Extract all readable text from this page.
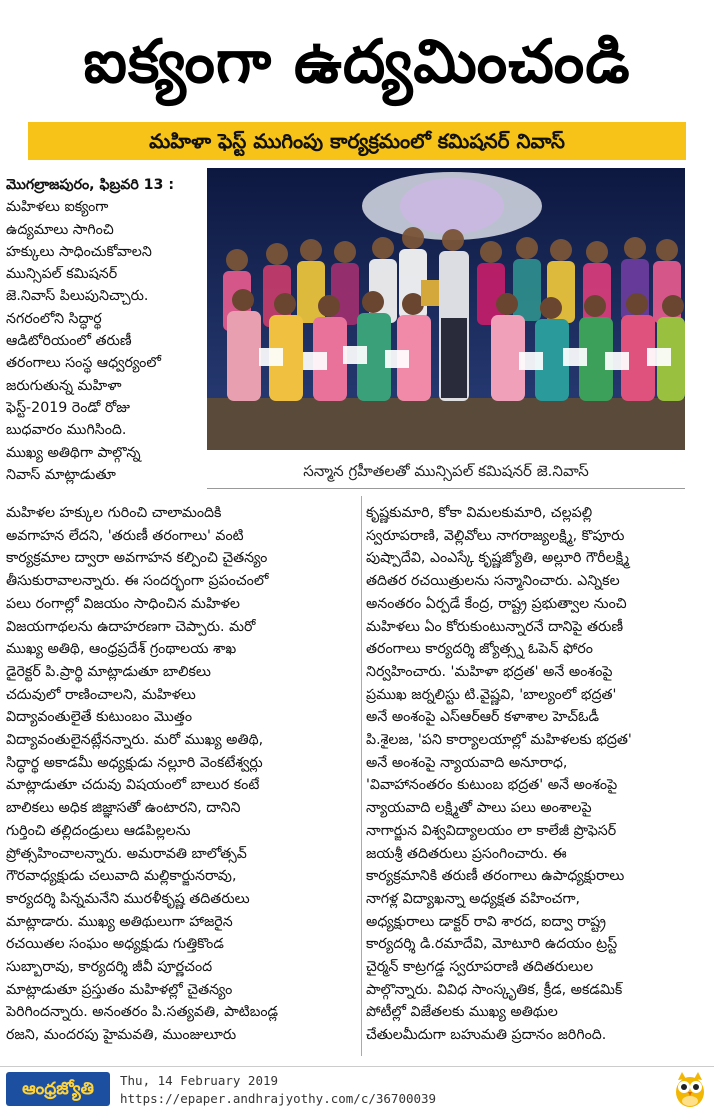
ఐక్యంగా ఉద్యమించండి
మహిళా ఫెస్ట్ ముగింపు కార్యక్రమంలో కమిషనర్ నివాస్
మొగల్రాజపురం, ఫిబ్రవరి 13 : మహిళలు ఐక్యంగా
ఉద్యమాలు సాగించి
హక్కులు సాధించుకోవాలని
మున్సిపల్ కమిషనర్
జె.నివాస్ పిలుపునిచ్చారు.
నగరంలోని సిద్ధార్థ
ఆడిటోరియంలో తరుణీ
తరంగాలు సంస్థ ఆధ్వర్యంలో
జరుగుతున్న మహిళా
ఫెస్ట్-2019 రెండో రోజు
బుధవారం ముగిసింది.
ముఖ్య అతిథిగా పాల్గొన్న
నివాస్ మాట్లాడుతూ	సన్మాన గ్రహీతలతో మున్సిపల్ కమిషనర్ జె.నివాస్
మహిళల హక్కుల గురించి చాలామందికి
అవగాహన లేదని, 'తరుణీ తరంగాలు' వంటి
కార్యక్రమాల ద్వారా అవగాహన కల్పించి చైతన్యం
తీసుకురావాలన్నారు. ఈ సందర్భంగా ప్రపంచంలో
పలు రంగాల్లో విజయం సాధించిన మహిళల
విజయగాథలను ఉదాహరణగా చెప్పారు. మరో
ముఖ్య అతిథి, ఆంధ్రప్రదేశ్ గ్రంథాలయ శాఖ
డైరెక్టర్ పి.ప్రార్థి మాట్లాడుతూ బాలికలు
చదువులో రాణించాలని, మహిళలు
విద్యావంతులైతే కుటుంబం మొత్తం
విద్యావంతులైనట్లేనన్నారు. మరో ముఖ్య అతిథి,
సిద్ధార్థ అకాడమీ అధ్యక్షుడు నల్లూరి వెంకటేశ్వర్లు
మాట్లాడుతూ చదువు విషయంలో బాలుర కంటే
బాలికలు అధిక జిజ్ఞాసతో ఉంటారని, దానిని
గుర్తించి తల్లిదండ్రులు ఆడపిల్లలను
ప్రోత్సహించాలన్నారు. అమరావతి బాలోత్సవ్
గౌరవాధ్యక్షుడు చలువాది మల్లికార్జునరావు,
కార్యదర్శి పిన్నమనేని మురళీకృష్ణ తదితరులు
మాట్లాడారు. ముఖ్య అతిథులుగా హాజరైన
రచయితల సంఘం అధ్యక్షుడు గుత్తికొండ
సుబ్బారావు, కార్యదర్శి జీవీ పూర్ణచంద
మాట్లాడుతూ ప్రస్తుతం మహిళల్లో చైతన్యం
పెరిగిందన్నారు. అనంతరం పి.సత్యవతి, పాటిబండ్ల
రజని, మందరపు హైమవతి, ముంజులూరు
కృష్ణకుమారి, కోకా విమలకుమారి, చల్లపల్లి
స్వరూపరాణి, వెల్లివోలు నాగరాజ్యలక్ష్మి, కొపూరు
పుష్పాదేవి, ఎంఎస్కే కృష్ణజ్యోతి, అల్లూరి గౌరీలక్ష్మి
తదితర రచయిత్రులను సన్మానించారు. ఎన్నికల
అనంతరం ఏర్పడే కేంద్ర, రాష్ట్ర ప్రభుత్వాల నుంచి
మహిళలు ఏం కోరుకుంటున్నారనే దానిపై తరుణీ
తరంగాలు కార్యదర్శి జ్యోత్స్న ఓపెన్ ఫోరం
నిర్వహించారు. 'మహిళా భద్రత' అనే అంశంపై
ప్రముఖ జర్నలిస్టు టి.వైష్ణవి, 'బాల్యంలో భద్రత'
అనే అంశంపై ఎస్ఆర్ఆర్ కళాశాల హెచ్ఓడీ
పి.శైలజ, 'పని కార్యాలయాల్లో మహిళలకు భద్రత'
అనే అంశంపై న్యాయవాది అనూరాధ,
'వివాహానంతరం కుటుంబ భద్రత' అనే అంశంపై
న్యాయవాది లక్ష్మితో పాలు పలు అంశాలపై
నాగార్జున విశ్వవిద్యాలయం లా కాలేజీ ప్రొఫెసర్
జయశ్రీ తదితరులు ప్రసంగించారు. ఈ
కార్యక్రమానికి తరుణీ తరంగాలు ఉపాధ్యక్షురాలు
నాగళ్ల విద్యాఖన్నా అధ్యక్షత వహించగా,
అధ్యక్షురాలు డాక్టర్ రావి శారద, ఐద్వా రాష్ట్ర
కార్యదర్శి డి.రమాదేవి, మోటూరి ఉదయం ట్రస్ట్
చైర్మన్ కాట్రగడ్డ స్వరూపరాణి తదితరులుల
పాల్గొన్నారు. వివిధ సాంస్కృతిక, క్రీడ, అకడమిక్
పోటీల్లో విజేతలకు ముఖ్య అతిథుల
చేతులమీదుగా బహుమతి ప్రదానం జరిగింది.
ఆంధ్రజ్యోతి	Thu, 14 February 2019
https://epaper.andhrajyothy.com/c/36700039
